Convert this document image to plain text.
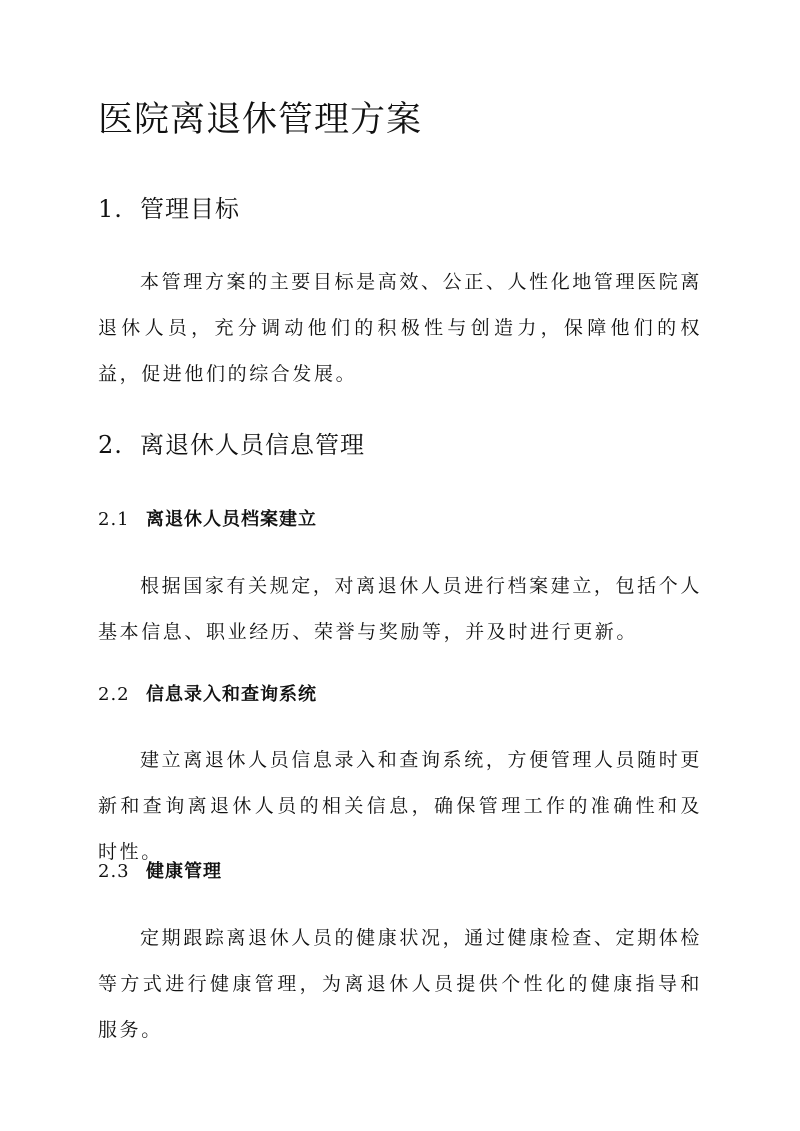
医院离退休管理方案
1. 管理目标

本管理方案的主要目标是高效、公正、人性化地管理医院离退休人员，充分调动他们的积极性与创造力，保障他们的权益，促进他们的综合发展。

2. 离退休人员信息管理
2.1 离退休人员档案建立

根据国家有关规定，对离退休人员进行档案建立，包括个人基本信息、职业经历、荣誉与奖励等，并及时进行更新。

2.2 信息录入和查询系统

建立离退休人员信息录入和查询系统，方便管理人员随时更新和查询离退休人员的相关信息，确保管理工作的准确性和及时性。

2.3 健康管理

定期跟踪离退休人员的健康状况，通过健康检查、定期体检等方式进行健康管理，为离退休人员提供个性化的健康指导和服务。
